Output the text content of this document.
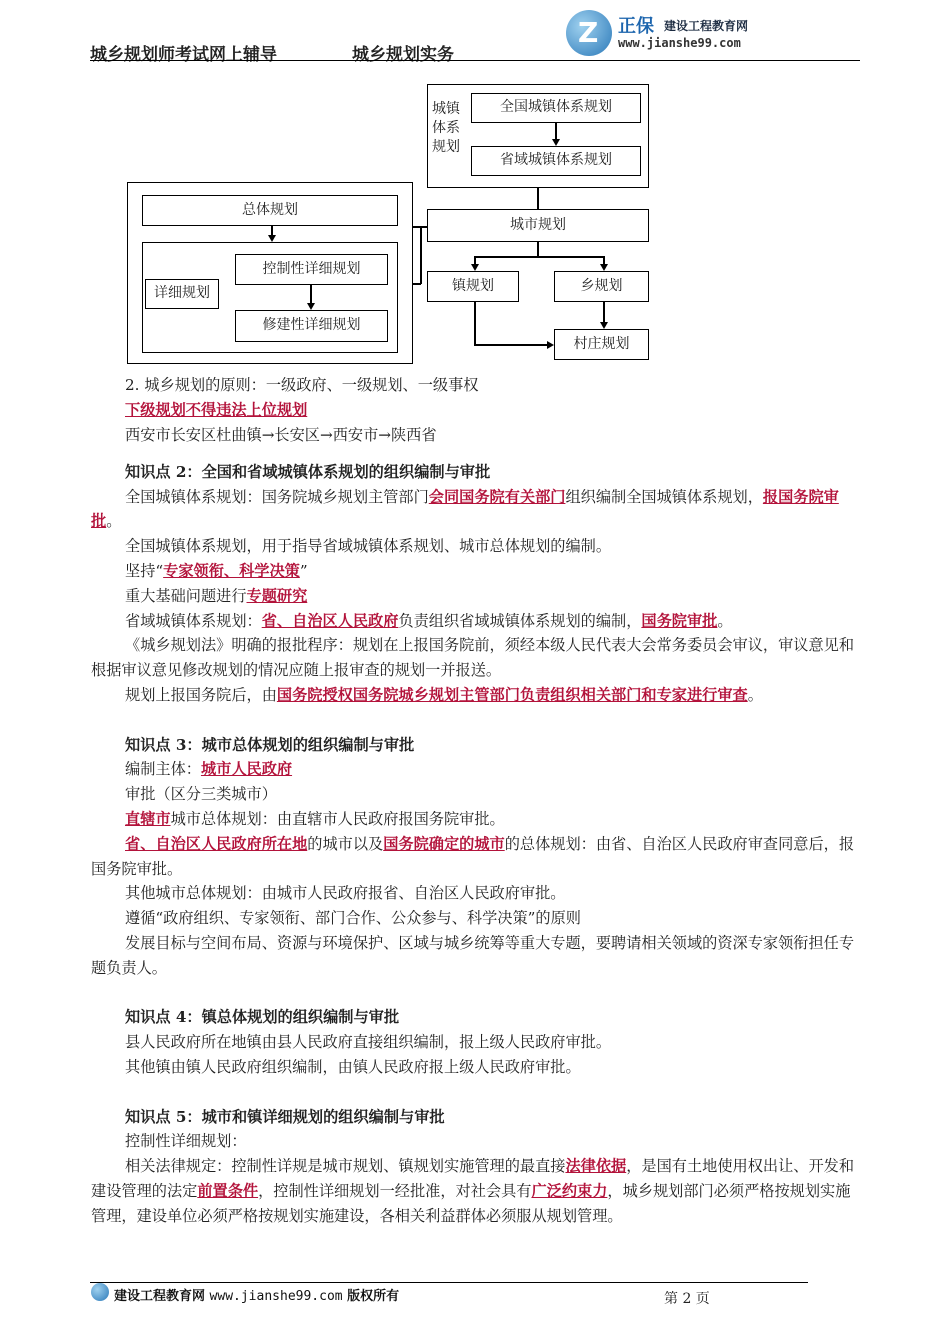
城乡规划师考试网上辅导	城乡规划实务
Z 正保 建设工程教育网
www.jianshe99.com
城镇体系规划
全国城镇体系规划
省域城镇体系规划
总体规划
详细规划
控制性详细规划
修建性详细规划
城市规划
镇规划	乡规划
村庄规划

2. 城乡规划的原则：一级政府、一级规划、一级事权

下级规划不得违法上位规划

西安市长安区杜曲镇→长安区→西安市→陕西省

知识点 2：全国和省域城镇体系规划的组织编制与审批

全国城镇体系规划：国务院城乡规划主管部门会同国务院有关部门组织编制全国城镇体系规划，报国务院审批。

全国城镇体系规划，用于指导省域城镇体系规划、城市总体规划的编制。

坚持“专家领衔、科学决策”

重大基础问题进行专题研究

省域城镇体系规划：省、自治区人民政府负责组织省域城镇体系规划的编制，国务院审批。

《城乡规划法》明确的报批程序：规划在上报国务院前，须经本级人民代表大会常务委员会审议，审议意见和根据审议意见修改规划的情况应随上报审查的规划一并报送。

规划上报国务院后，由国务院授权国务院城乡规划主管部门负责组织相关部门和专家进行审查。

知识点 3：城市总体规划的组织编制与审批

编制主体：城市人民政府

审批（区分三类城市）

直辖市城市总体规划：由直辖市人民政府报国务院审批。

省、自治区人民政府所在地的城市以及国务院确定的城市的总体规划：由省、自治区人民政府审查同意后，报国务院审批。

其他城市总体规划：由城市人民政府报省、自治区人民政府审批。

遵循“政府组织、专家领衔、部门合作、公众参与、科学决策”的原则

发展目标与空间布局、资源与环境保护、区域与城乡统筹等重大专题，要聘请相关领域的资深专家领衔担任专题负责人。

知识点 4：镇总体规划的组织编制与审批

县人民政府所在地镇由县人民政府直接组织编制，报上级人民政府审批。

其他镇由镇人民政府组织编制，由镇人民政府报上级人民政府审批。

知识点 5：城市和镇详细规划的组织编制与审批

控制性详细规划：

相关法律规定：控制性详规是城市规划、镇规划实施管理的最直接法律依据，是国有土地使用权出让、开发和建设管理的法定前置条件，控制性详细规划一经批准，对社会具有广泛约束力，城乡规划部门必须严格按规划实施管理，建设单位必须严格按规划实施建设，各相关利益群体必须服从规划管理。

建设工程教育网 www.jianshe99.com 版权所有	第 2 页
